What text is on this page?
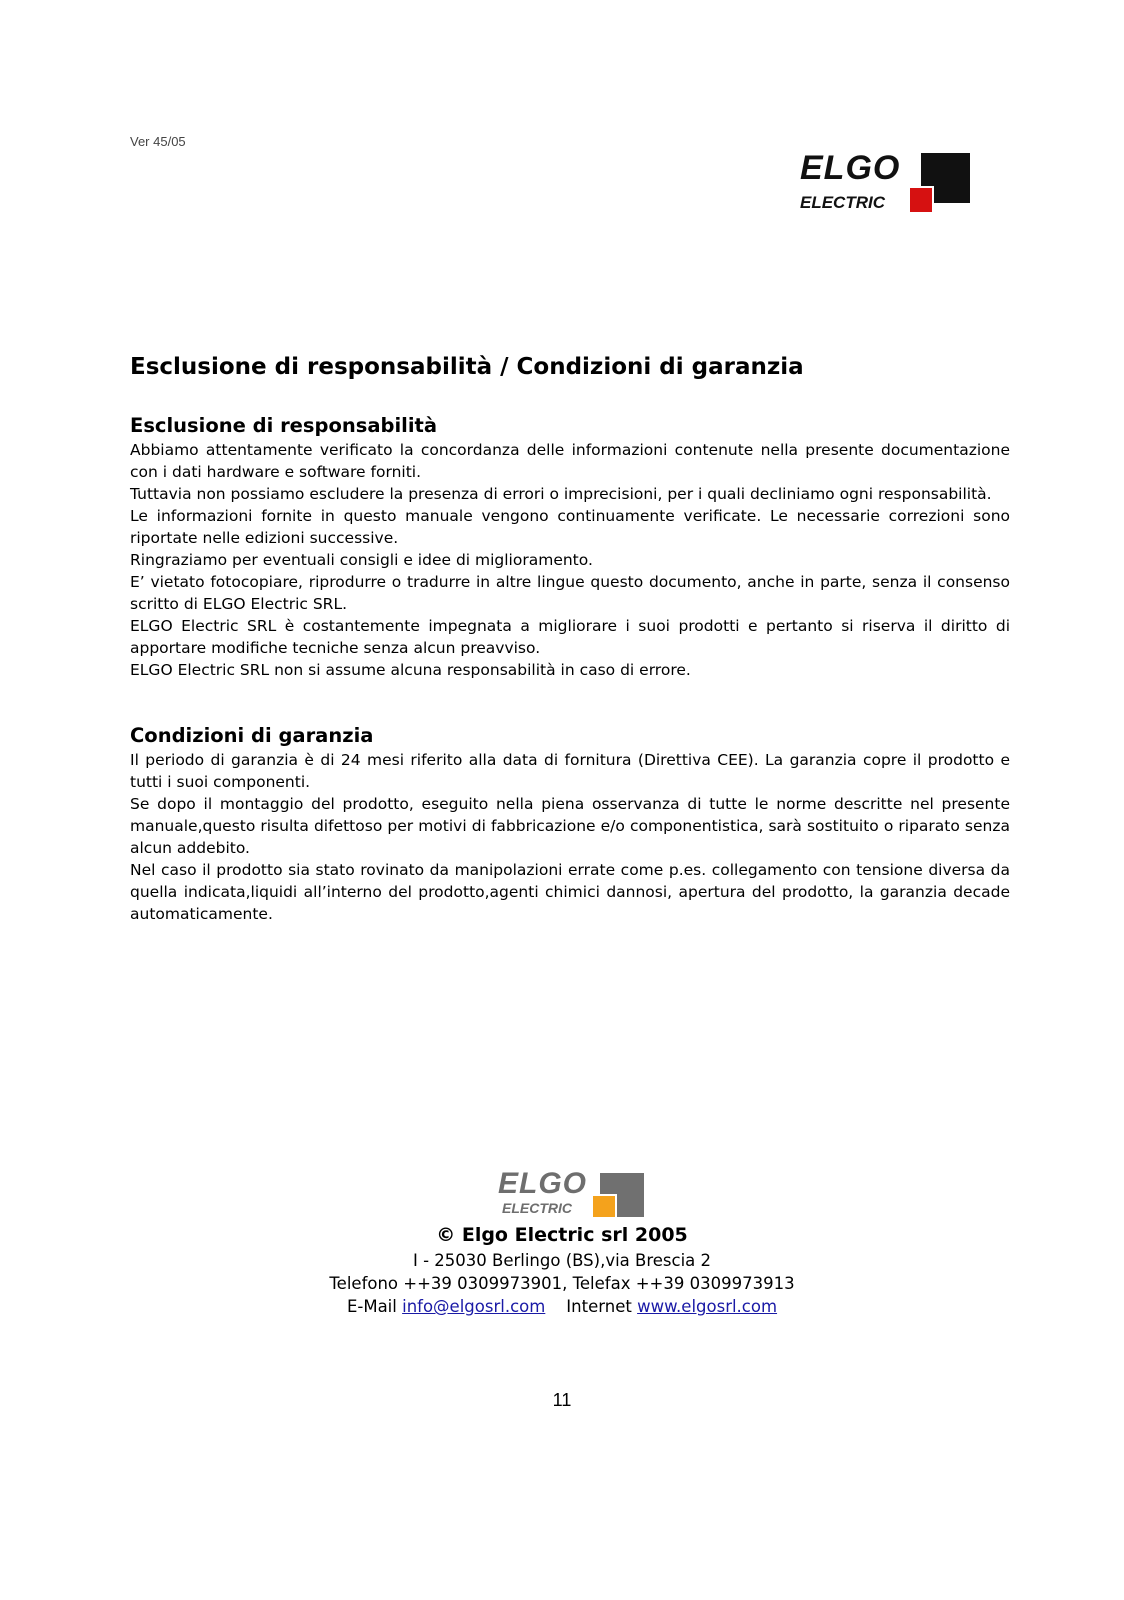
Ver 45/05
ELGO
ELECTRIC
Esclusione di responsabilità / Condizioni di garanzia
Esclusione di responsabilità

Abbiamo attentamente verificato la concordanza delle informazioni contenute nella presente documentazione con i dati hardware e software forniti.

Tuttavia non possiamo escludere la presenza di errori o imprecisioni, per i quali decliniamo ogni responsabilità.

Le informazioni fornite in questo manuale vengono continuamente verificate. Le necessarie correzioni sono riportate nelle edizioni successive.

Ringraziamo per eventuali consigli e idee di miglioramento.

E’ vietato fotocopiare, riprodurre o tradurre in altre lingue questo documento, anche in parte, senza il consenso scritto di ELGO Electric SRL.

ELGO Electric SRL è costantemente impegnata a migliorare i suoi prodotti e pertanto si riserva il diritto di apportare modifiche tecniche senza alcun preavviso.

ELGO Electric SRL non si assume alcuna responsabilità in caso di errore.

Condizioni di garanzia

Il periodo di garanzia è di 24 mesi riferito alla data di fornitura (Direttiva CEE). La garanzia copre il prodotto e tutti i suoi componenti.

Se dopo il montaggio del prodotto, eseguito nella piena osservanza di tutte le norme descritte nel presente manuale,questo risulta difettoso per motivi di fabbricazione e/o componentistica, sarà sostituito o riparato senza alcun addebito.

Nel caso il prodotto sia stato rovinato da manipolazioni errate come p.es. collegamento con tensione diversa da quella indicata,liquidi all’interno del prodotto,agenti chimici dannosi, apertura del prodotto, la garanzia decade automaticamente.

ELGO
ELECTRIC
© Elgo Electric srl 2005
I - 25030 Berlingo (BS),via Brescia 2
Telefono ++39 0309973901, Telefax ++39 0309973913
E-Mail info@elgosrl.com Internet www.elgosrl.com
11
